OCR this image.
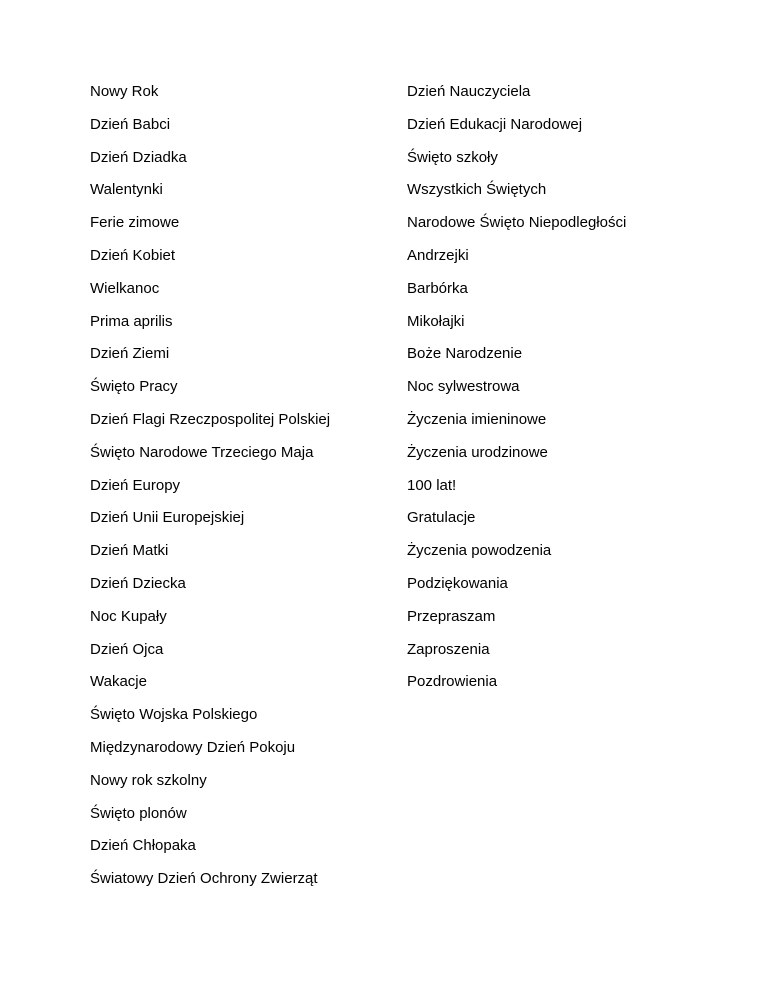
Nowy Rok
Dzień Babci
Dzień Dziadka
Walentynki
Ferie zimowe
Dzień Kobiet
Wielkanoc
Prima aprilis
Dzień Ziemi
Święto Pracy
Dzień Flagi Rzeczpospolitej Polskiej
Święto Narodowe Trzeciego Maja
Dzień Europy
Dzień Unii Europejskiej
Dzień Matki
Dzień Dziecka
Noc Kupały
Dzień Ojca
Wakacje
Święto Wojska Polskiego
Międzynarodowy Dzień Pokoju
Nowy rok szkolny
Święto plonów
Dzień Chłopaka
Światowy Dzień Ochrony Zwierząt
Dzień Nauczyciela
Dzień Edukacji Narodowej
Święto szkoły
Wszystkich Świętych
Narodowe Święto Niepodległości
Andrzejki
Barbórka
Mikołajki
Boże Narodzenie
Noc sylwestrowa
Życzenia imieninowe
Życzenia urodzinowe
100 lat!
Gratulacje
Życzenia powodzenia
Podziękowania
Przepraszam
Zaproszenia
Pozdrowienia
